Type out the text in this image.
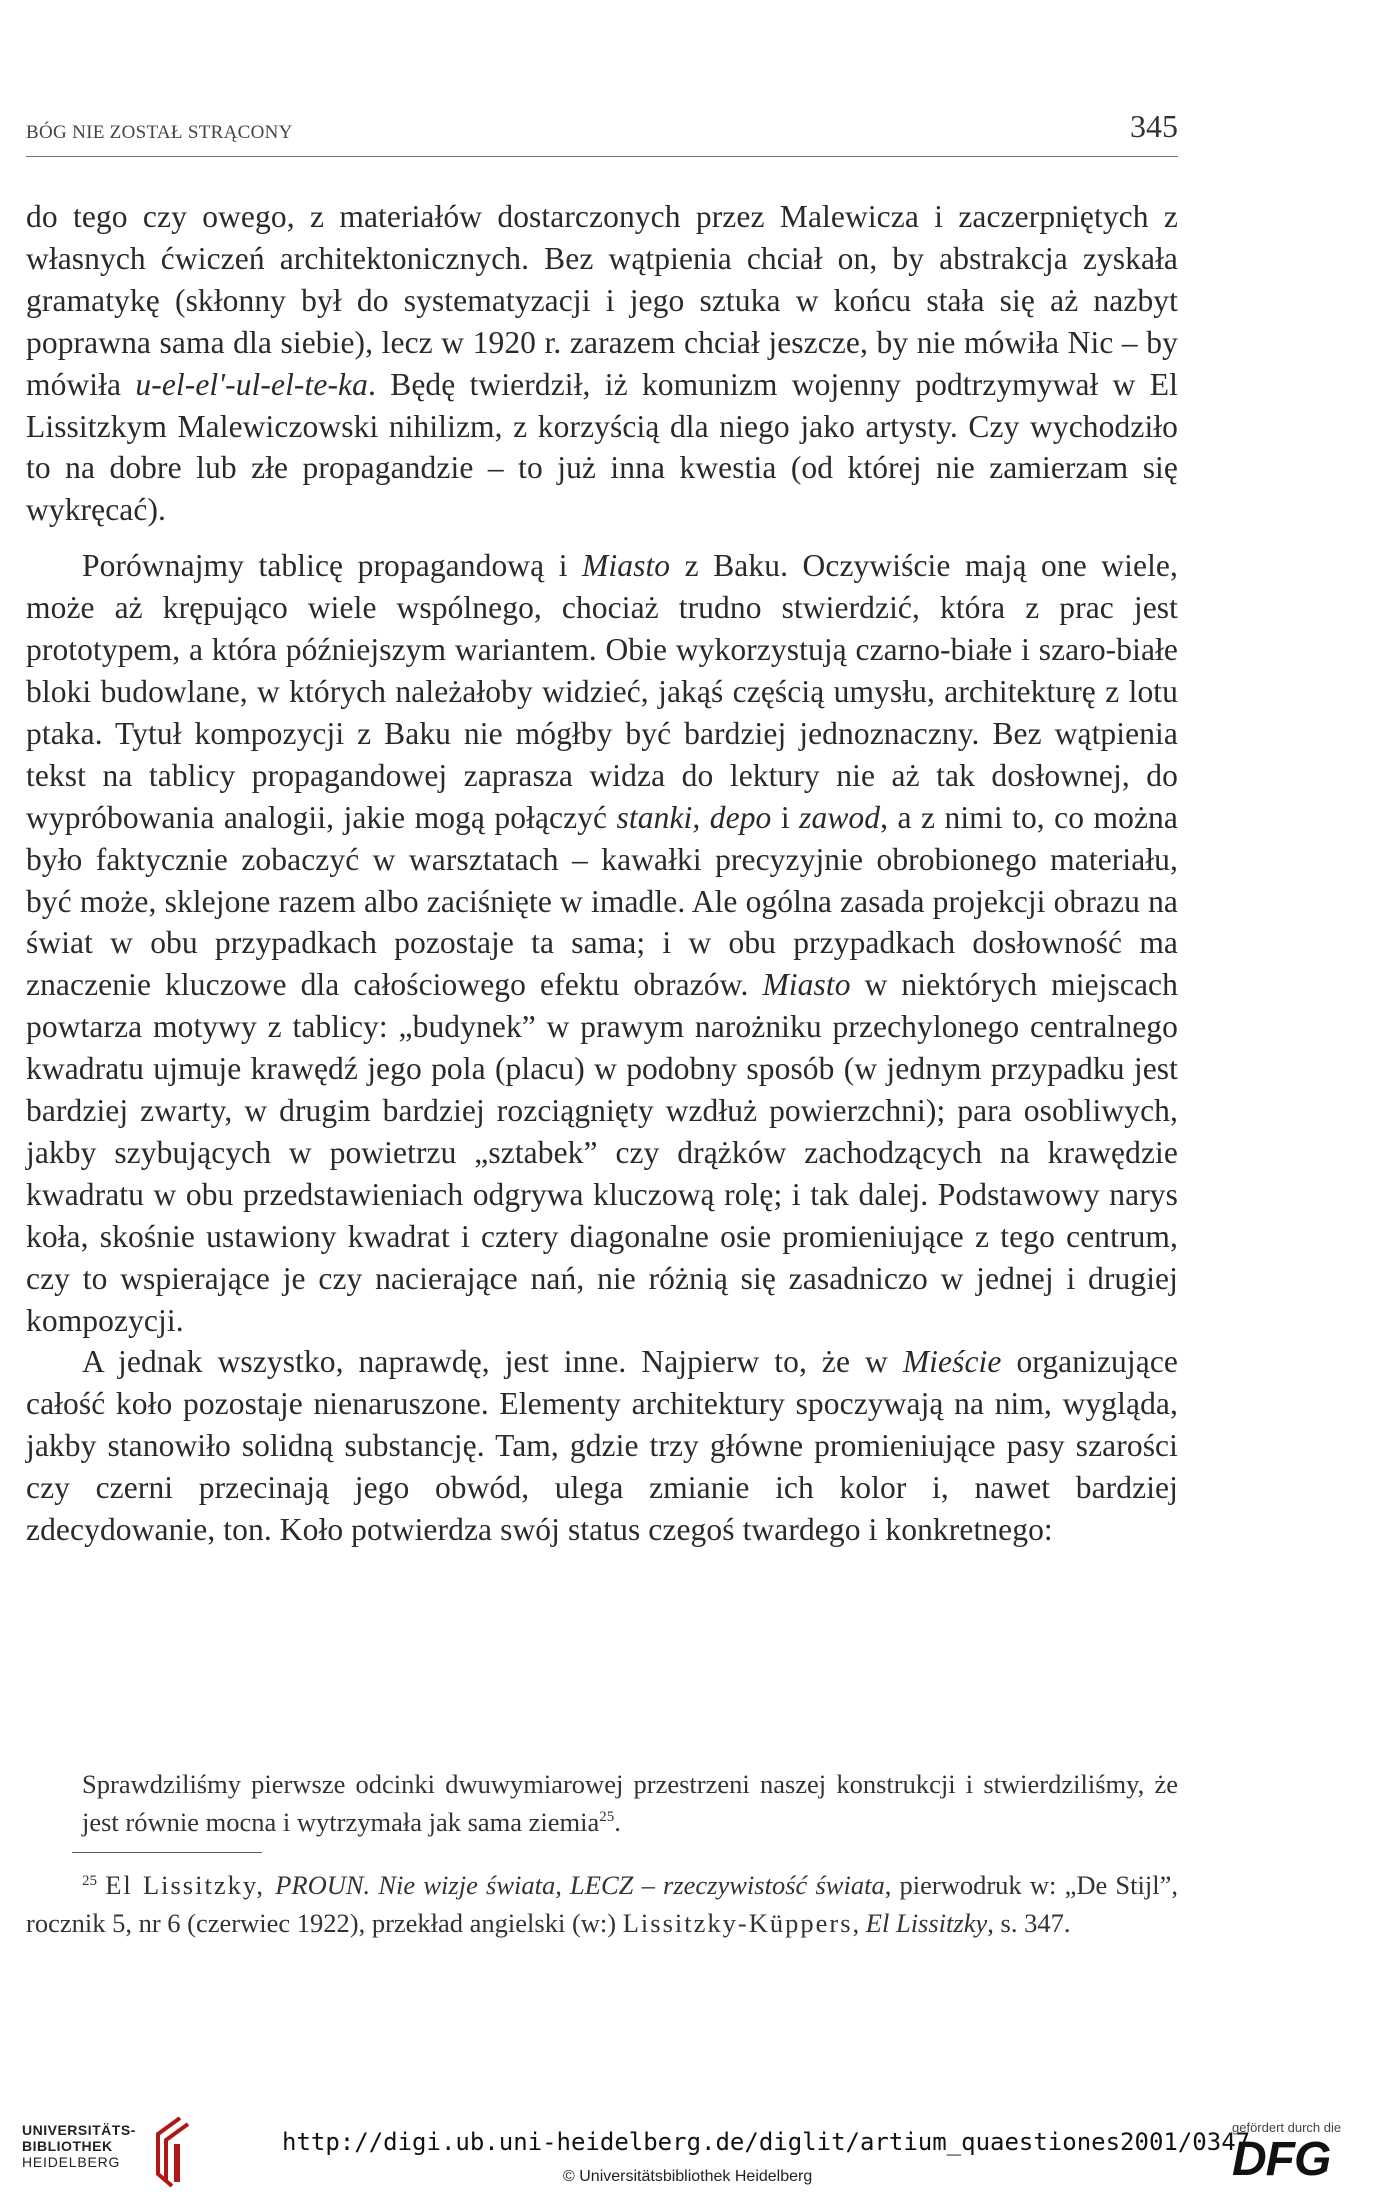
BÓG NIE ZOSTAŁ STRĄCONY	345

do tego czy owego, z materiałów dostarczonych przez Malewicza i zaczerpniętych z własnych ćwiczeń architektonicznych. Bez wątpienia chciał on, by abstrakcja zyskała gramatykę (skłonny był do systematyzacji i jego sztuka w końcu stała się aż nazbyt poprawna sama dla siebie), lecz w 1920 r. zarazem chciał jeszcze, by nie mówiła Nic – by mówiła u-el-el'-ul-el-te-ka. Będę twierdził, iż komunizm wojenny podtrzymywał w El Lissitzkym Malewiczowski nihilizm, z korzyścią dla niego jako artysty. Czy wychodziło to na dobre lub złe propagandzie – to już inna kwestia (od której nie zamierzam się wykręcać).

Porównajmy tablicę propagandową i Miasto z Baku. Oczywiście mają one wiele, może aż krępująco wiele wspólnego, chociaż trudno stwierdzić, która z prac jest prototypem, a która późniejszym wariantem. Obie wykorzystują czarno-białe i szaro-białe bloki budowlane, w których należałoby widzieć, jakąś częścią umysłu, architekturę z lotu ptaka. Tytuł kompozycji z Baku nie mógłby być bardziej jednoznaczny. Bez wątpienia tekst na tablicy propagandowej zaprasza widza do lektury nie aż tak dosłownej, do wypróbowania analogii, jakie mogą połączyć stanki, depo i zawod, a z nimi to, co można było faktycznie zobaczyć w warsztatach – kawałki precyzyjnie obrobionego materiału, być może, sklejone razem albo zaciśnięte w imadle. Ale ogólna zasada projekcji obrazu na świat w obu przypadkach pozostaje ta sama; i w obu przypadkach dosłowność ma znaczenie kluczowe dla całościowego efektu obrazów. Miasto w niektórych miejscach powtarza motywy z tablicy: „budynek” w prawym narożniku przechylonego centralnego kwadratu ujmuje krawędź jego pola (placu) w podobny sposób (w jednym przypadku jest bardziej zwarty, w drugim bardziej rozciągnięty wzdłuż powierzchni); para osobliwych, jakby szybujących w powietrzu „sztabek” czy drążków zachodzących na krawędzie kwadratu w obu przedstawieniach odgrywa kluczową rolę; i tak dalej. Podstawowy narys koła, skośnie ustawiony kwadrat i cztery diagonalne osie promieniujące z tego centrum, czy to wspierające je czy nacierające nań, nie różnią się zasadniczo w jednej i drugiej kompozycji.

A jednak wszystko, naprawdę, jest inne. Najpierw to, że w Mieście organizujące całość koło pozostaje nienaruszone. Elementy architektury spoczywają na nim, wygląda, jakby stanowiło solidną substancję. Tam, gdzie trzy główne promieniujące pasy szarości czy czerni przecinają jego obwód, ulega zmianie ich kolor i, nawet bardziej zdecydowanie, ton. Koło potwierdza swój status czegoś twardego i konkretnego:

Sprawdziliśmy pierwsze odcinki dwuwymiarowej przestrzeni naszej konstrukcji i stwierdziliśmy, że jest równie mocna i wytrzymała jak sama ziemia$^{25}$.
$^{25}$ El Lissitzky, PROUN. Nie wizje świata, LECZ – rzeczywistość świata, pierwodruk w: „De Stijl”, rocznik 5, nr 6 (czerwiec 1922), przekład angielski (w:) Lissitzky-Küppers, El Lissitzky, s. 347.
UNIVERSITÄTS-
BIBLIOTHEK
HEIDELBERG
http://digi.ub.uni-heidelberg.de/diglit/artium_quaestiones2001/0347
© Universitätsbibliothek Heidelberg
gefördert durch die
DFG
